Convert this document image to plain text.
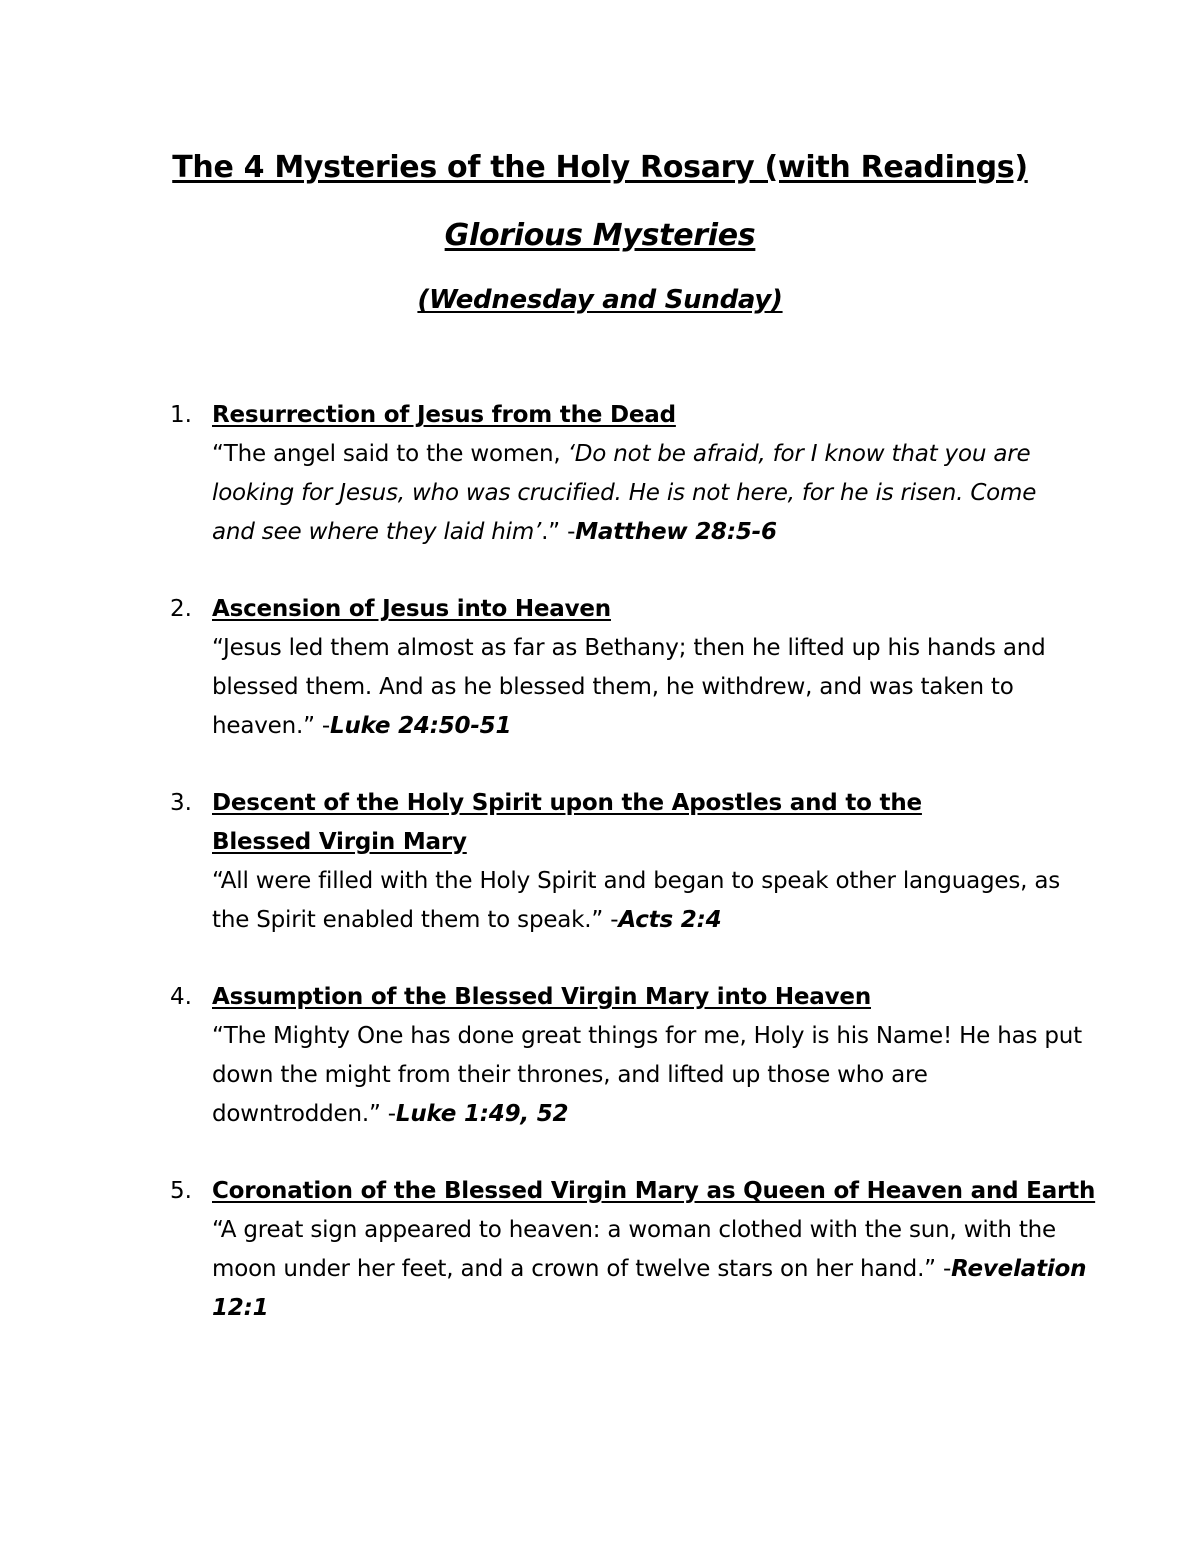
The 4 Mysteries of the Holy Rosary (with Readings)
Glorious Mysteries
(Wednesday and Sunday)
1. Resurrection of Jesus from the Dead
“The angel said to the women, ‘Do not be afraid, for I know that you are looking for Jesus, who was crucified. He is not here, for he is risen. Come and see where they laid him’.” -Matthew 28:5-6
2. Ascension of Jesus into Heaven
“Jesus led them almost as far as Bethany; then he lifted up his hands and blessed them. And as he blessed them, he withdrew, and was taken to heaven.” -Luke 24:50-51
3. Descent of the Holy Spirit upon the Apostles and to the Blessed Virgin Mary
“All were filled with the Holy Spirit and began to speak other languages, as the Spirit enabled them to speak.” -Acts 2:4
4. Assumption of the Blessed Virgin Mary into Heaven
“The Mighty One has done great things for me, Holy is his Name! He has put down the might from their thrones, and lifted up those who are downtrodden.” -Luke 1:49, 52
5. Coronation of the Blessed Virgin Mary as Queen of Heaven and Earth
“A great sign appeared to heaven: a woman clothed with the sun, with the moon under her feet, and a crown of twelve stars on her hand.” -Revelation 12:1
